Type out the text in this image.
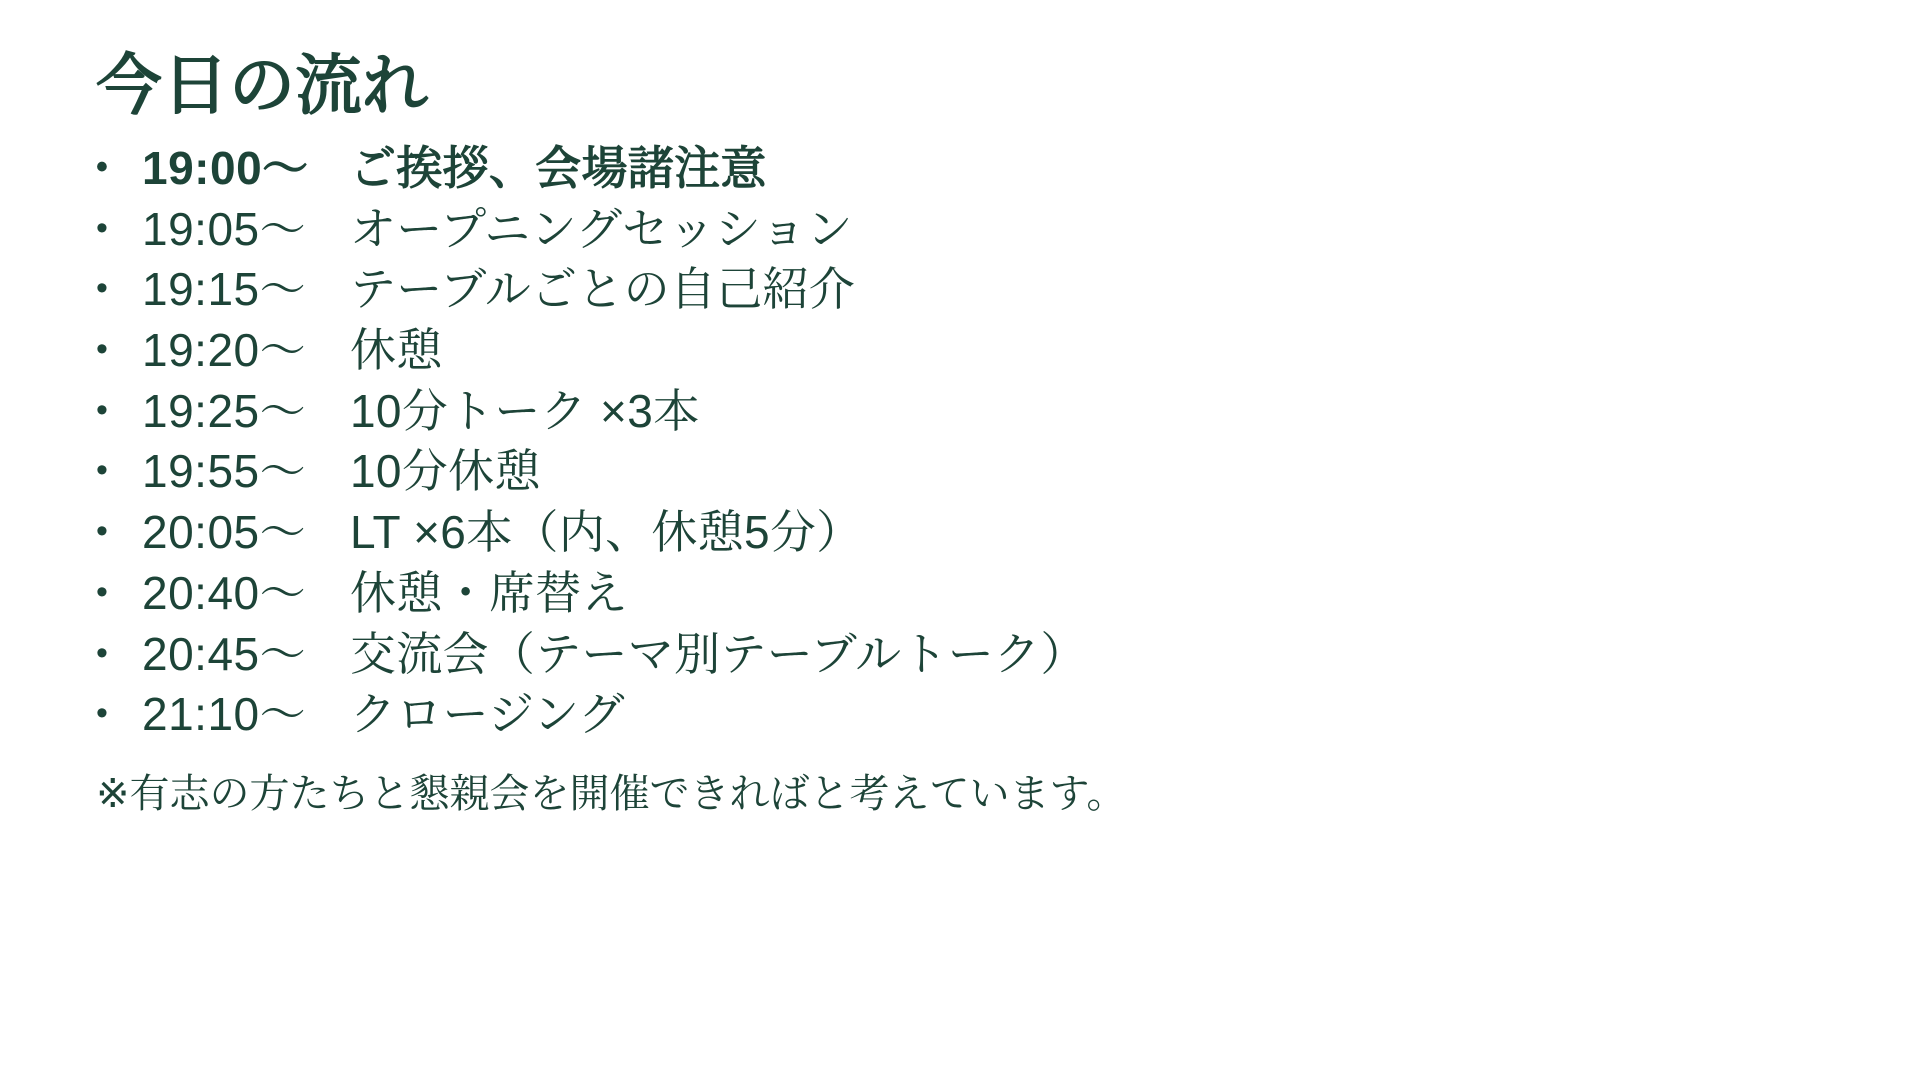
今日の流れ
• 19:00〜 ご挨拶、会場諸注意
• 19:05〜 オープニングセッション
• 19:15〜 テーブルごとの自己紹介
• 19:20〜 休憩
• 19:25〜 10分トーク ×3本
• 19:55〜 10分休憩
• 20:05〜 LT ×6本（内、休憩5分）
• 20:40〜 休憩・席替え
• 20:45〜 交流会（テーマ別テーブルトーク）
• 21:10〜 クロージング
※有志の方たちと懇親会を開催できればと考えています。
